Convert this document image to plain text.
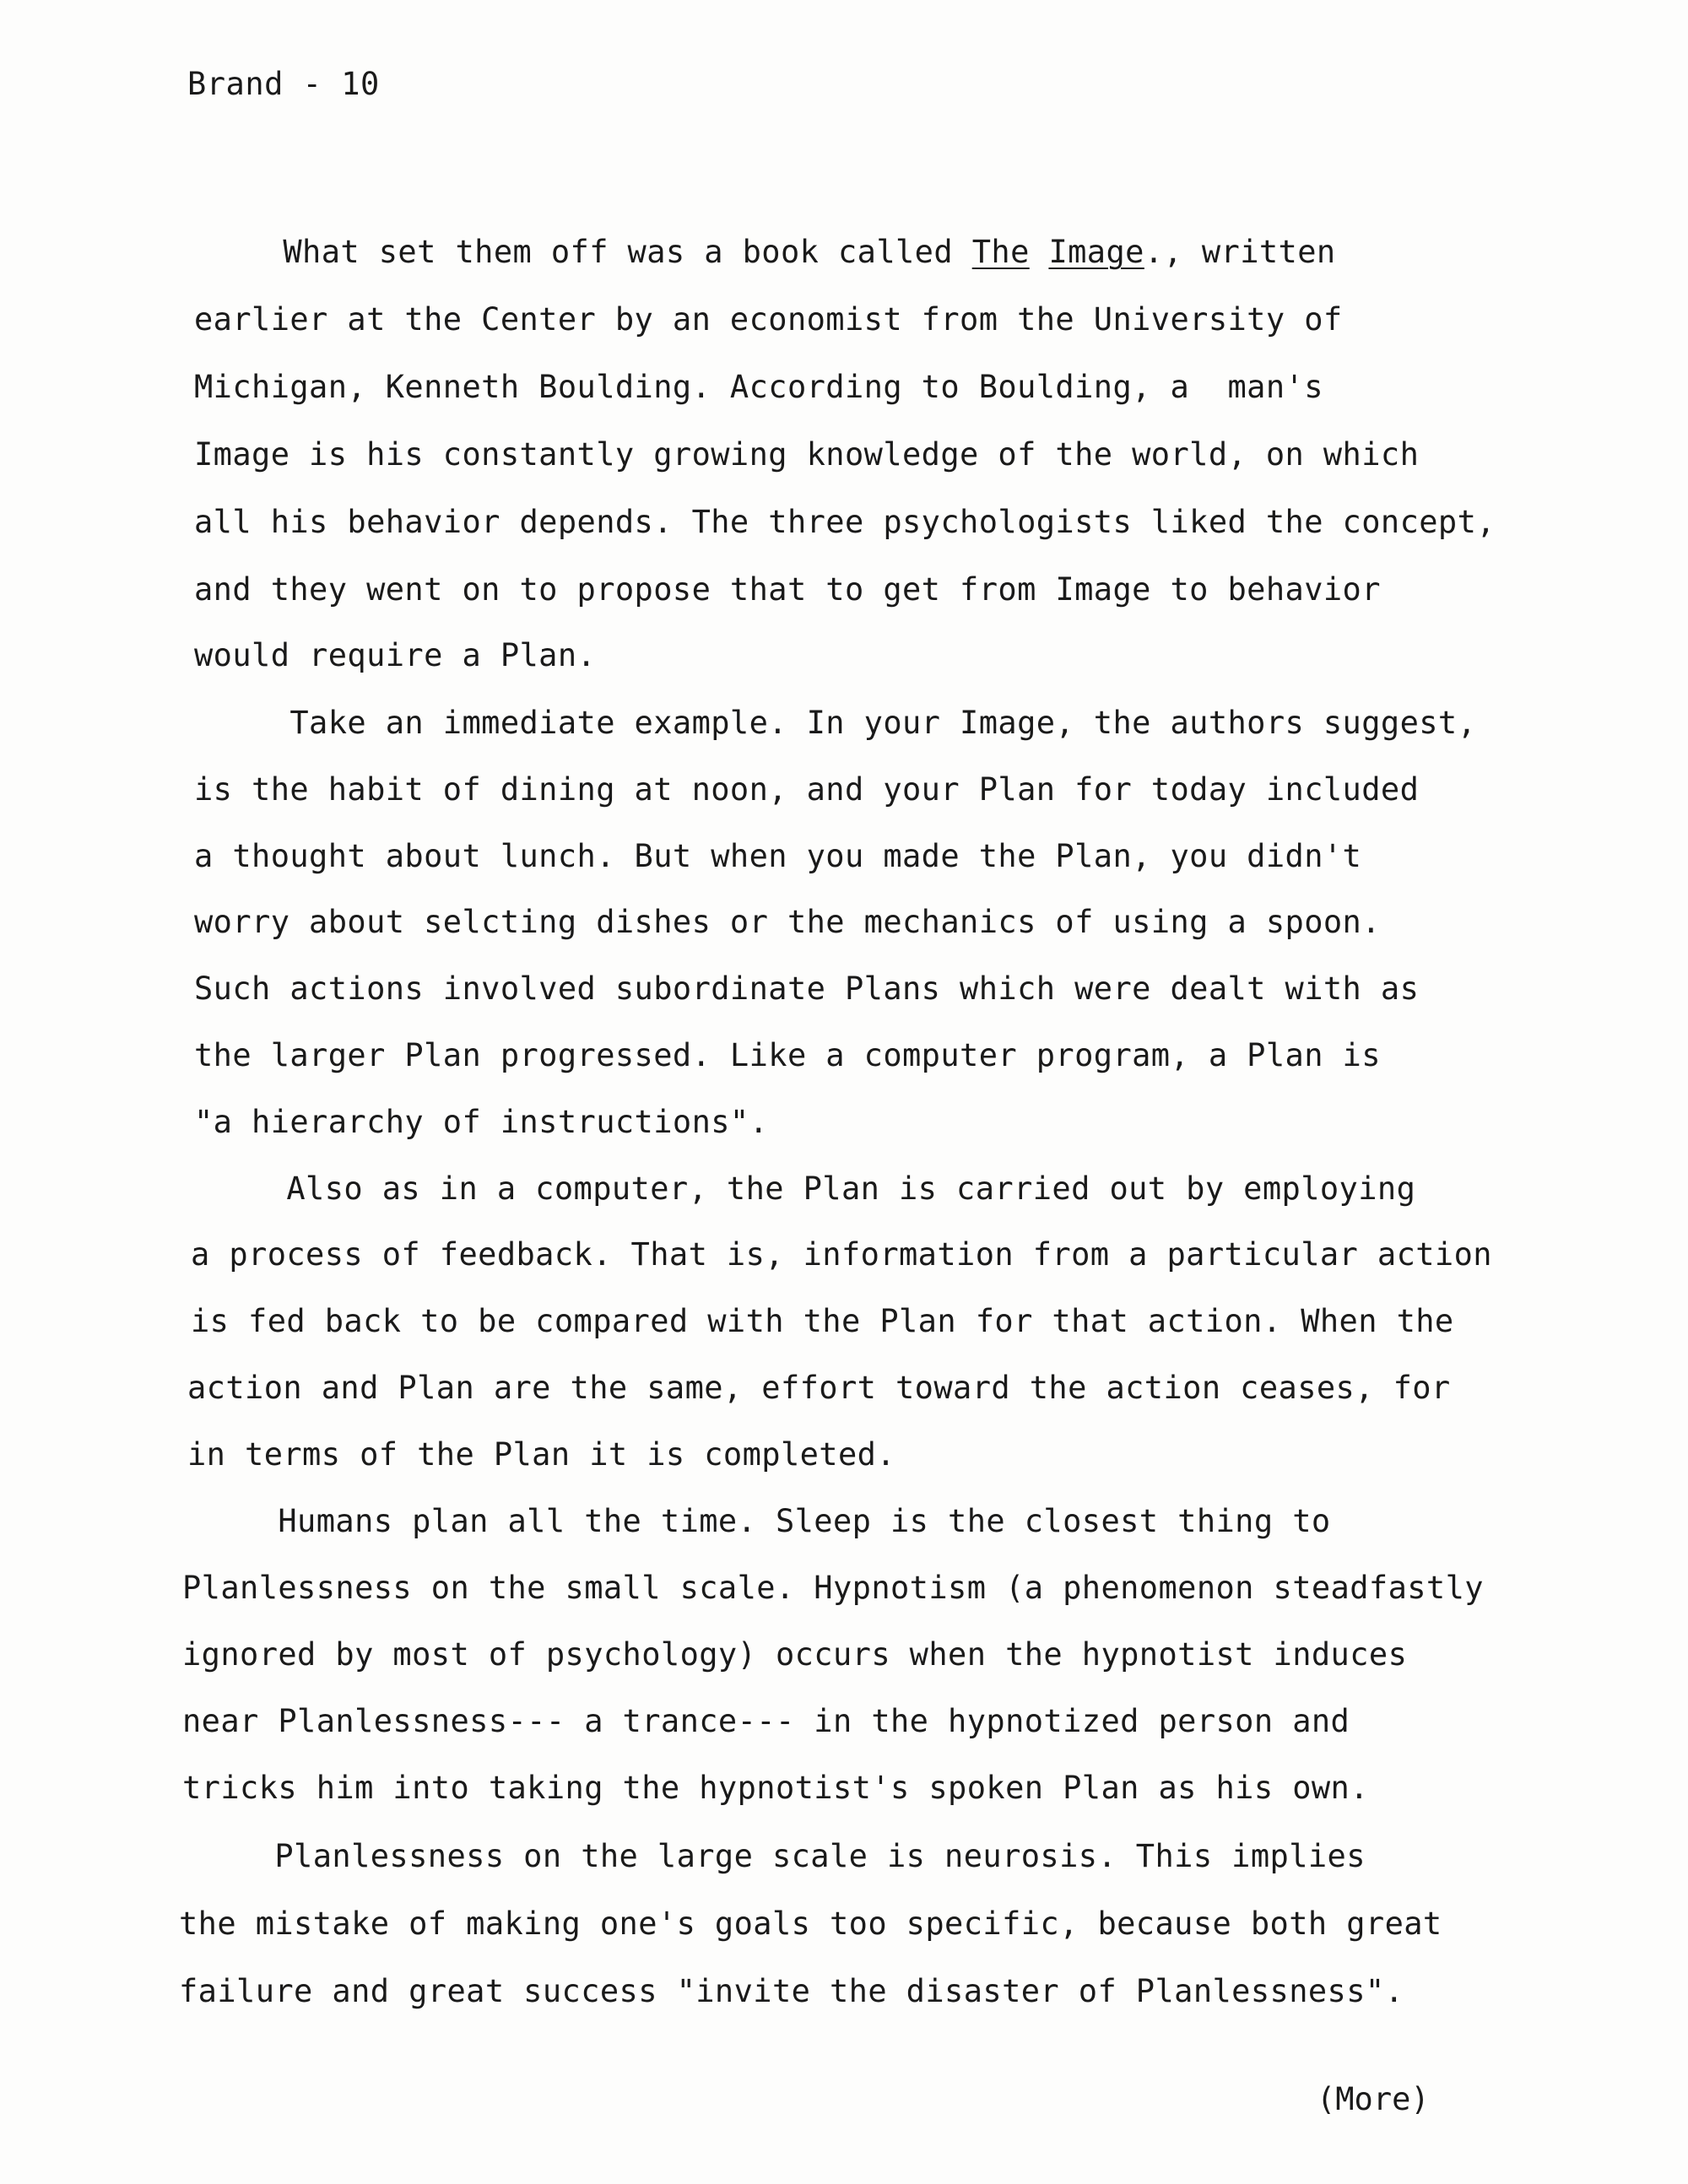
Brand - 10
What set them off was a book called The Image., written
earlier at the Center by an economist from the University of
Michigan, Kenneth Boulding. According to Boulding, a  man's
Image is his constantly growing knowledge of the world, on which
all his behavior depends. The three psychologists liked the concept,
and they went on to propose that to get from Image to behavior
would require a Plan.
Take an immediate example. In your Image, the authors suggest,
is the habit of dining at noon, and your Plan for today included
a thought about lunch. But when you made the Plan, you didn't
worry about selcting dishes or the mechanics of using a spoon.
Such actions involved subordinate Plans which were dealt with as
the larger Plan progressed. Like a computer program, a Plan is
"a hierarchy of instructions".
Also as in a computer, the Plan is carried out by employing
a process of feedback. That is, information from a particular action
is fed back to be compared with the Plan for that action. When the
action and Plan are the same, effort toward the action ceases, for
in terms of the Plan it is completed.
Humans plan all the time. Sleep is the closest thing to
Planlessness on the small scale. Hypnotism (a phenomenon steadfastly
ignored by most of psychology) occurs when the hypnotist induces
near Planlessness--- a trance--- in the hypnotized person and
tricks him into taking the hypnotist's spoken Plan as his own.
Planlessness on the large scale is neurosis. This implies
the mistake of making one's goals too specific, because both great
failure and great success "invite the disaster of Planlessness".
(More)
